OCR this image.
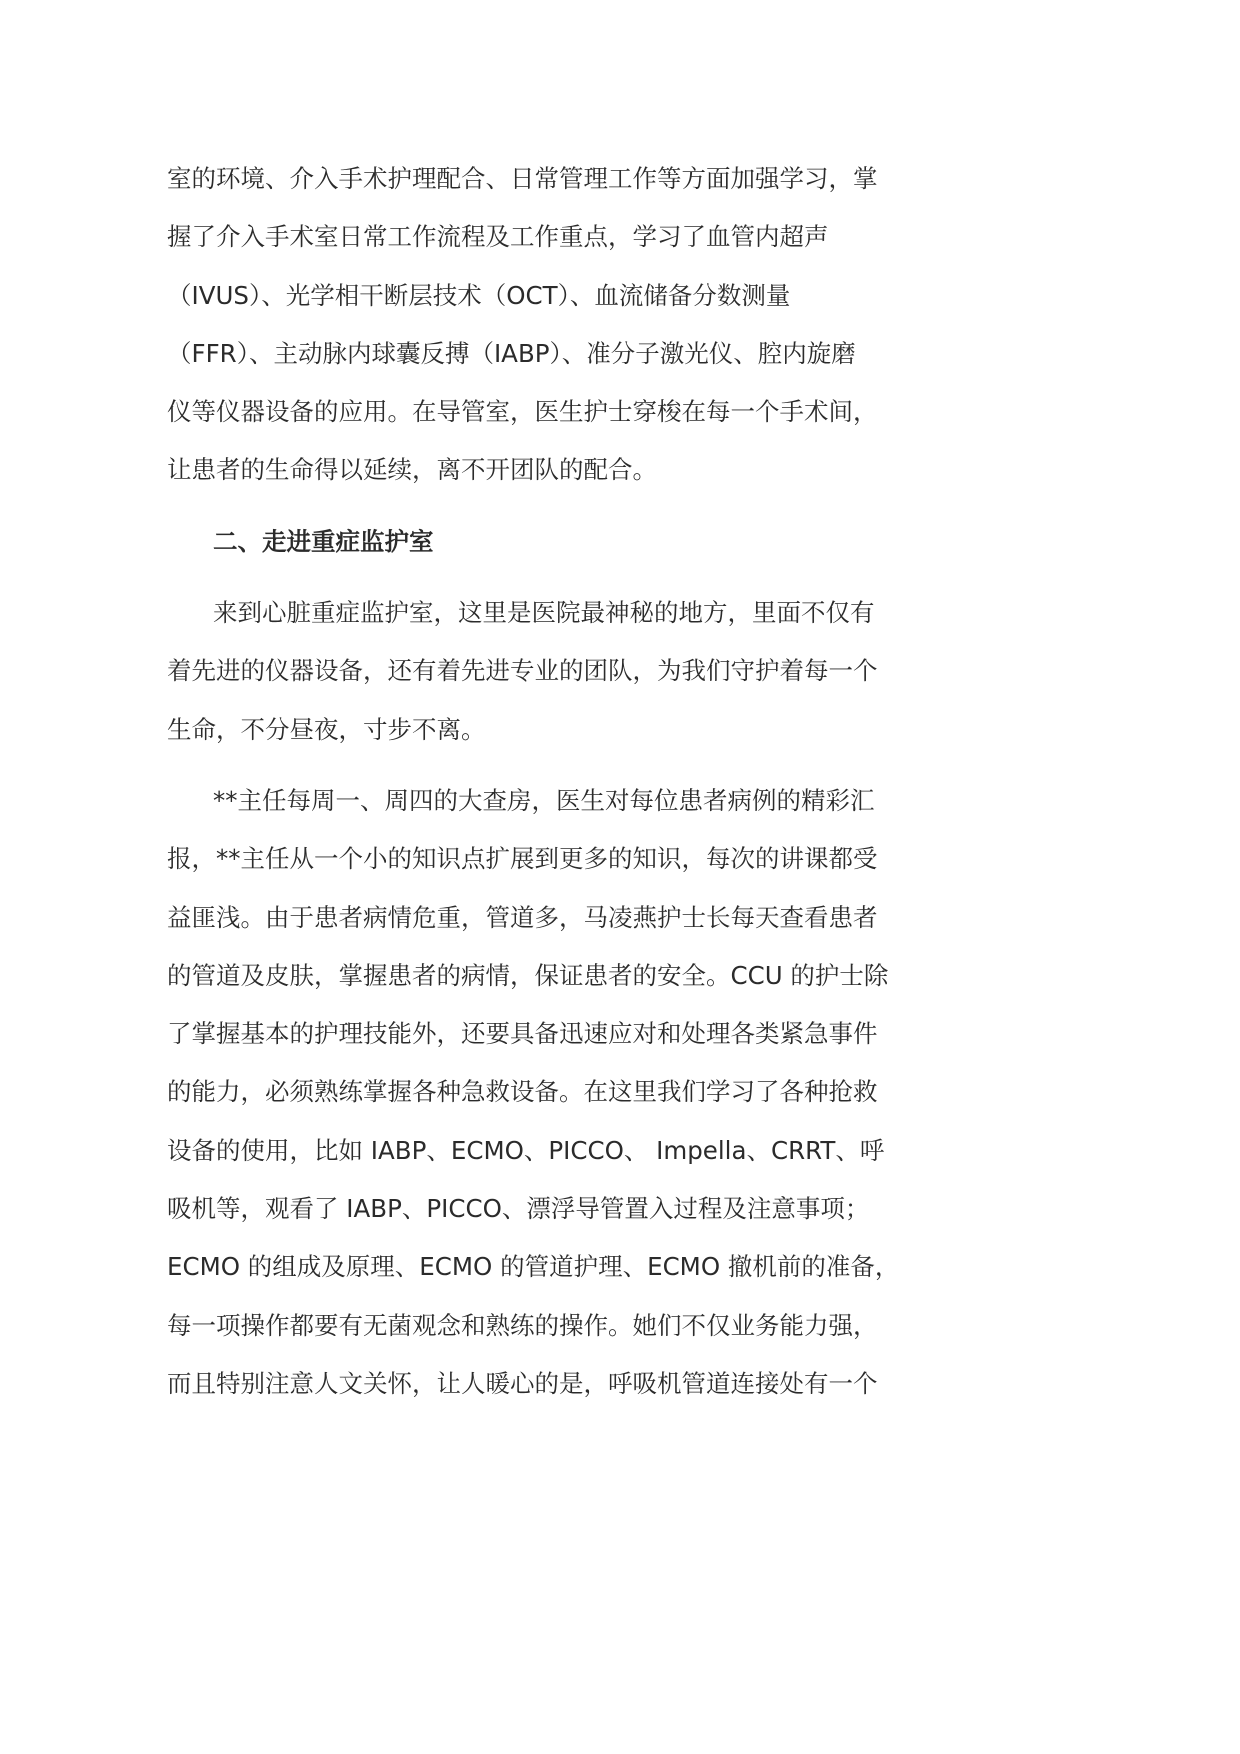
室的环境、介入手术护理配合、日常管理工作等方面加强学习，掌
握了介入手术室日常工作流程及工作重点，学习了血管内超声
（IVUS）、光学相干断层技术（OCT）、血流储备分数测量
（FFR）、主动脉内球囊反搏（IABP）、准分子激光仪、腔内旋磨
仪等仪器设备的应用。在导管室，医生护士穿梭在每一个手术间，
让患者的生命得以延续，离不开团队的配合。
二、走进重症监护室
来到心脏重症监护室，这里是医院最神秘的地方，里面不仅有
着先进的仪器设备，还有着先进专业的团队，为我们守护着每一个
生命，不分昼夜，寸步不离。
**主任每周一、周四的大查房，医生对每位患者病例的精彩汇
报，**主任从一个小的知识点扩展到更多的知识，每次的讲课都受
益匪浅。由于患者病情危重，管道多，马凌燕护士长每天查看患者
的管道及皮肤，掌握患者的病情，保证患者的安全。CCU 的护士除
了掌握基本的护理技能外，还要具备迅速应对和处理各类紧急事件
的能力，必须熟练掌握各种急救设备。在这里我们学习了各种抢救
设备的使用，比如 IABP、ECMO、PICCO、 Impella、CRRT、呼
吸机等，观看了 IABP、PICCO、漂浮导管置入过程及注意事项；
ECMO 的组成及原理、ECMO 的管道护理、ECMO 撤机前的准备，
每一项操作都要有无菌观念和熟练的操作。她们不仅业务能力强，
而且特别注意人文关怀，让人暖心的是，呼吸机管道连接处有一个
